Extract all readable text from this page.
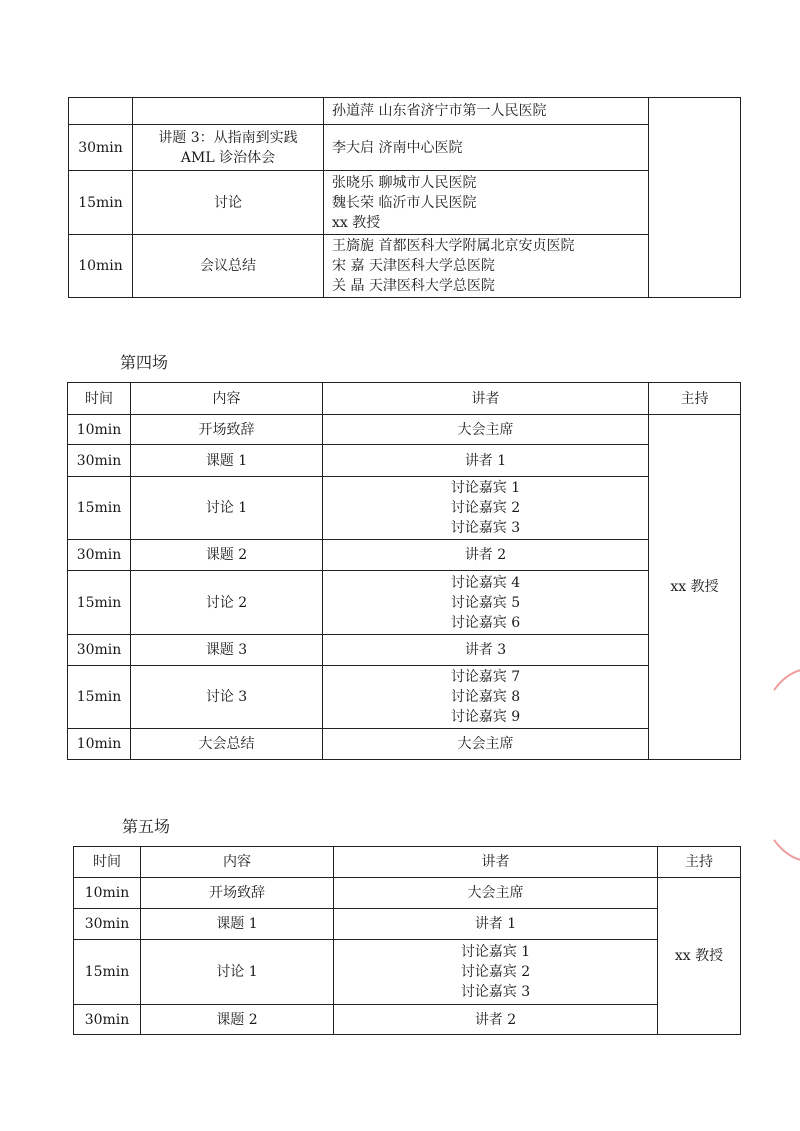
		孙道萍 山东省济宁市第一人民医院	

30min	讲题 3：从指南到实践
AML 诊治体会	李大启 济南中心医院	

15min	讨论	张晓乐 聊城市人民医院
魏长荣 临沂市人民医院
xx 教授	

10min	会议总结	王旖旎 首都医科大学附属北京安贞医院
宋 嘉 天津医科大学总医院
关 晶 天津医科大学总医院	
第四场
时间	内容	讲者	主持
10min	开场致辞	大会主席	xx 教授
30min	课题 1	讲者 1	
15min	讨论 1	讨论嘉宾 1
讨论嘉宾 2
讨论嘉宾 3	

30min	课题 2	讲者 2	
15min	讨论 2	讨论嘉宾 4
讨论嘉宾 5
讨论嘉宾 6	

30min	课题 3	讲者 3	
15min	讨论 3	讨论嘉宾 7
讨论嘉宾 8
讨论嘉宾 9	

10min	大会总结	大会主席	
第五场
时间	内容	讲者	主持
10min	开场致辞	大会主席	xx 教授
30min	课题 1	讲者 1	
15min	讨论 1	讨论嘉宾 1
讨论嘉宾 2
讨论嘉宾 3	

30min	课题 2	讲者 2	
